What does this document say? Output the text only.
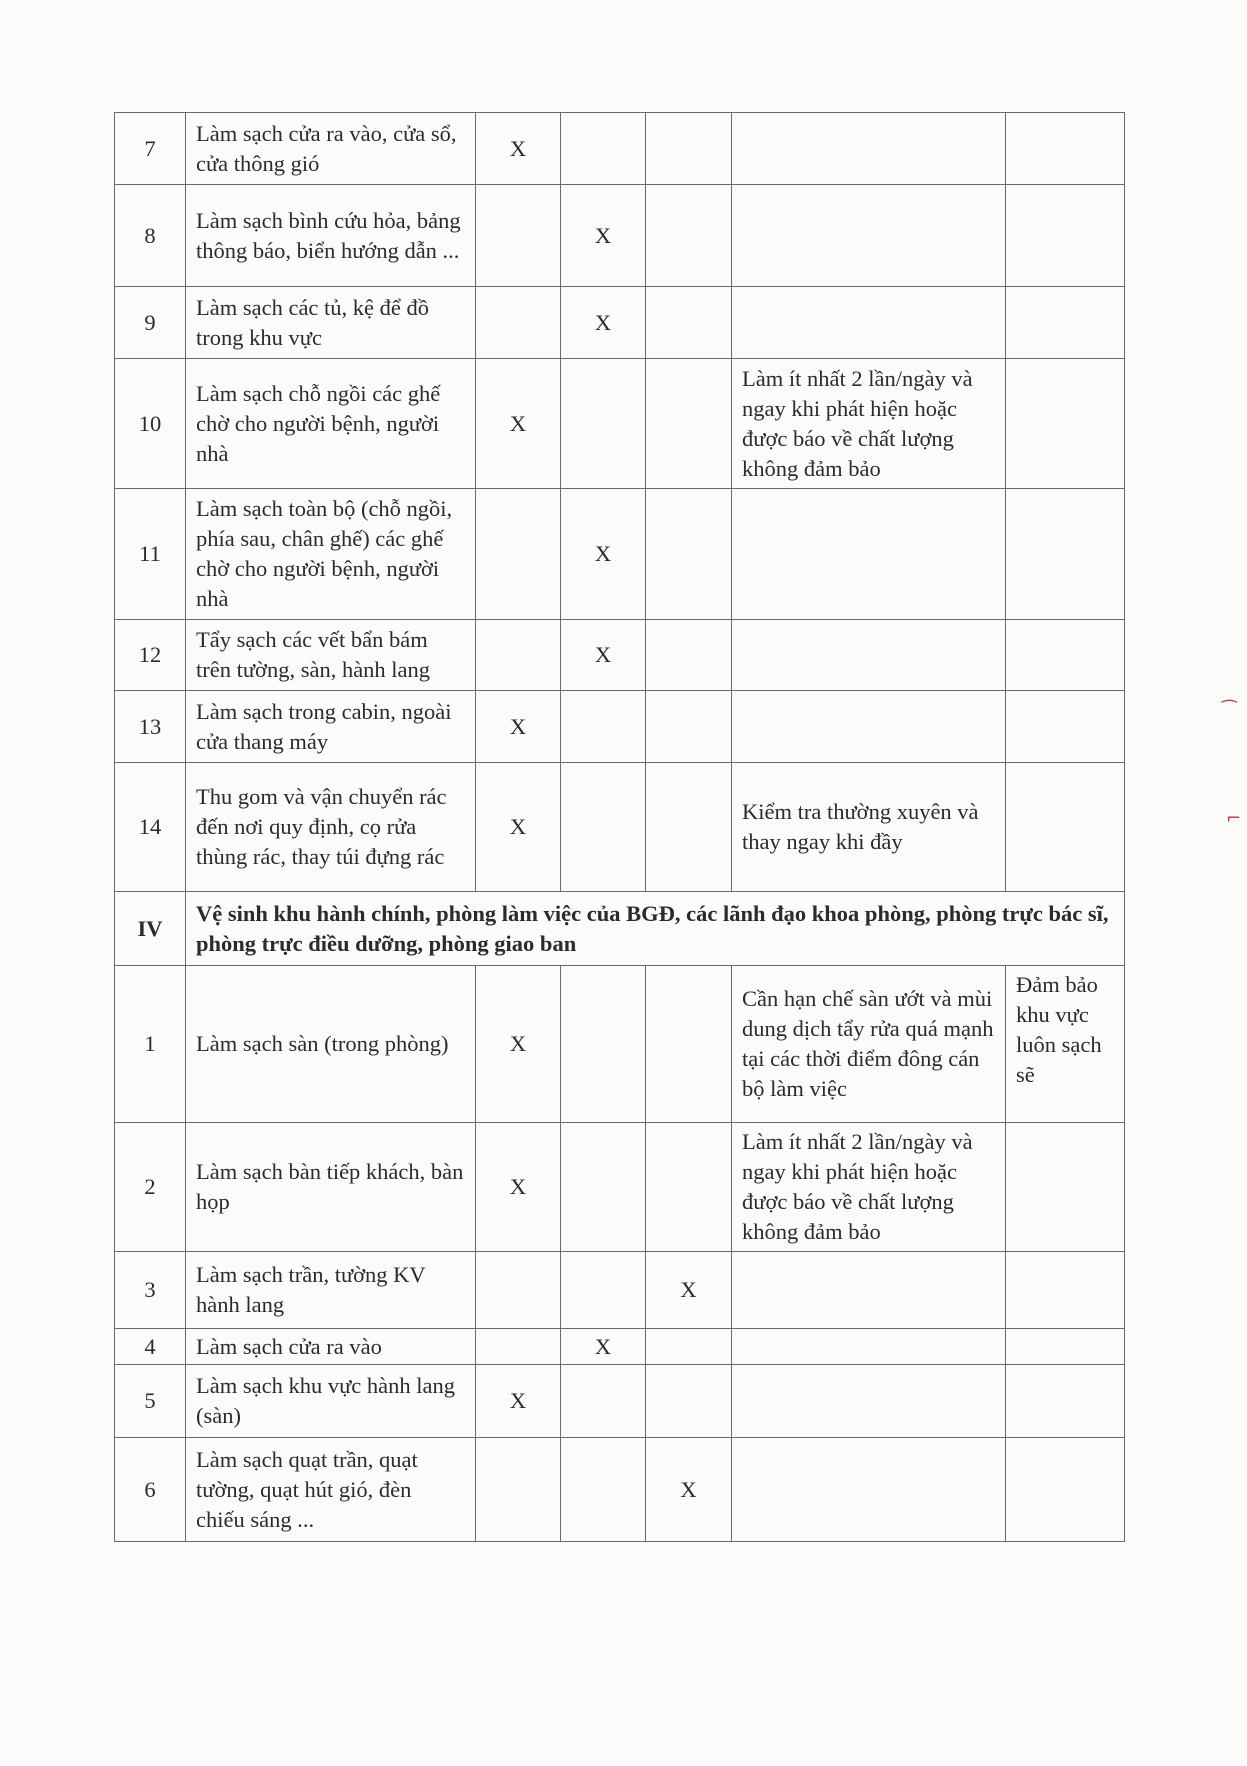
7	Làm sạch cửa ra vào, cửa sổ, cửa thông gió	X				
8	Làm sạch bình cứu hỏa, bảng thông báo, biển hướng dẫn ...		X			
9	Làm sạch các tủ, kệ để đồ trong khu vực		X			
10	Làm sạch chỗ ngồi các ghế chờ cho người bệnh, người nhà	X			Làm ít nhất 2 lần/ngày và ngay khi phát hiện hoặc được báo về chất lượng không đảm bảo	
11	Làm sạch toàn bộ (chỗ ngồi, phía sau, chân ghế) các ghế chờ cho người bệnh, người nhà		X			
12	Tẩy sạch các vết bẩn bám trên tường, sàn, hành lang		X			
13	Làm sạch trong cabin, ngoài cửa thang máy	X				
14	Thu gom và vận chuyển rác đến nơi quy định, cọ rửa thùng rác, thay túi đựng rác	X			Kiểm tra thường xuyên và thay ngay khi đầy	
IV	Vệ sinh khu hành chính, phòng làm việc của BGĐ, các lãnh đạo khoa phòng, phòng trực bác sĩ, phòng trực điều dưỡng, phòng giao ban					
1	Làm sạch sàn (trong phòng)	X			Cần hạn chế sàn ướt và mùi dung dịch tẩy rửa quá mạnh tại các thời điểm đông cán bộ làm việc	Đảm bảo khu vực luôn sạch sẽ
2	Làm sạch bàn tiếp khách, bàn họp	X			Làm ít nhất 2 lần/ngày và ngay khi phát hiện hoặc được báo về chất lượng không đảm bảo	
3	Làm sạch trần, tường KV hành lang			X		
4	Làm sạch cửa ra vào		X			
5	Làm sạch khu vực hành lang (sàn)	X				
6	Làm sạch quạt trần, quạt tường, quạt hút gió, đèn chiếu sáng ...			X		
⁀
⌐
